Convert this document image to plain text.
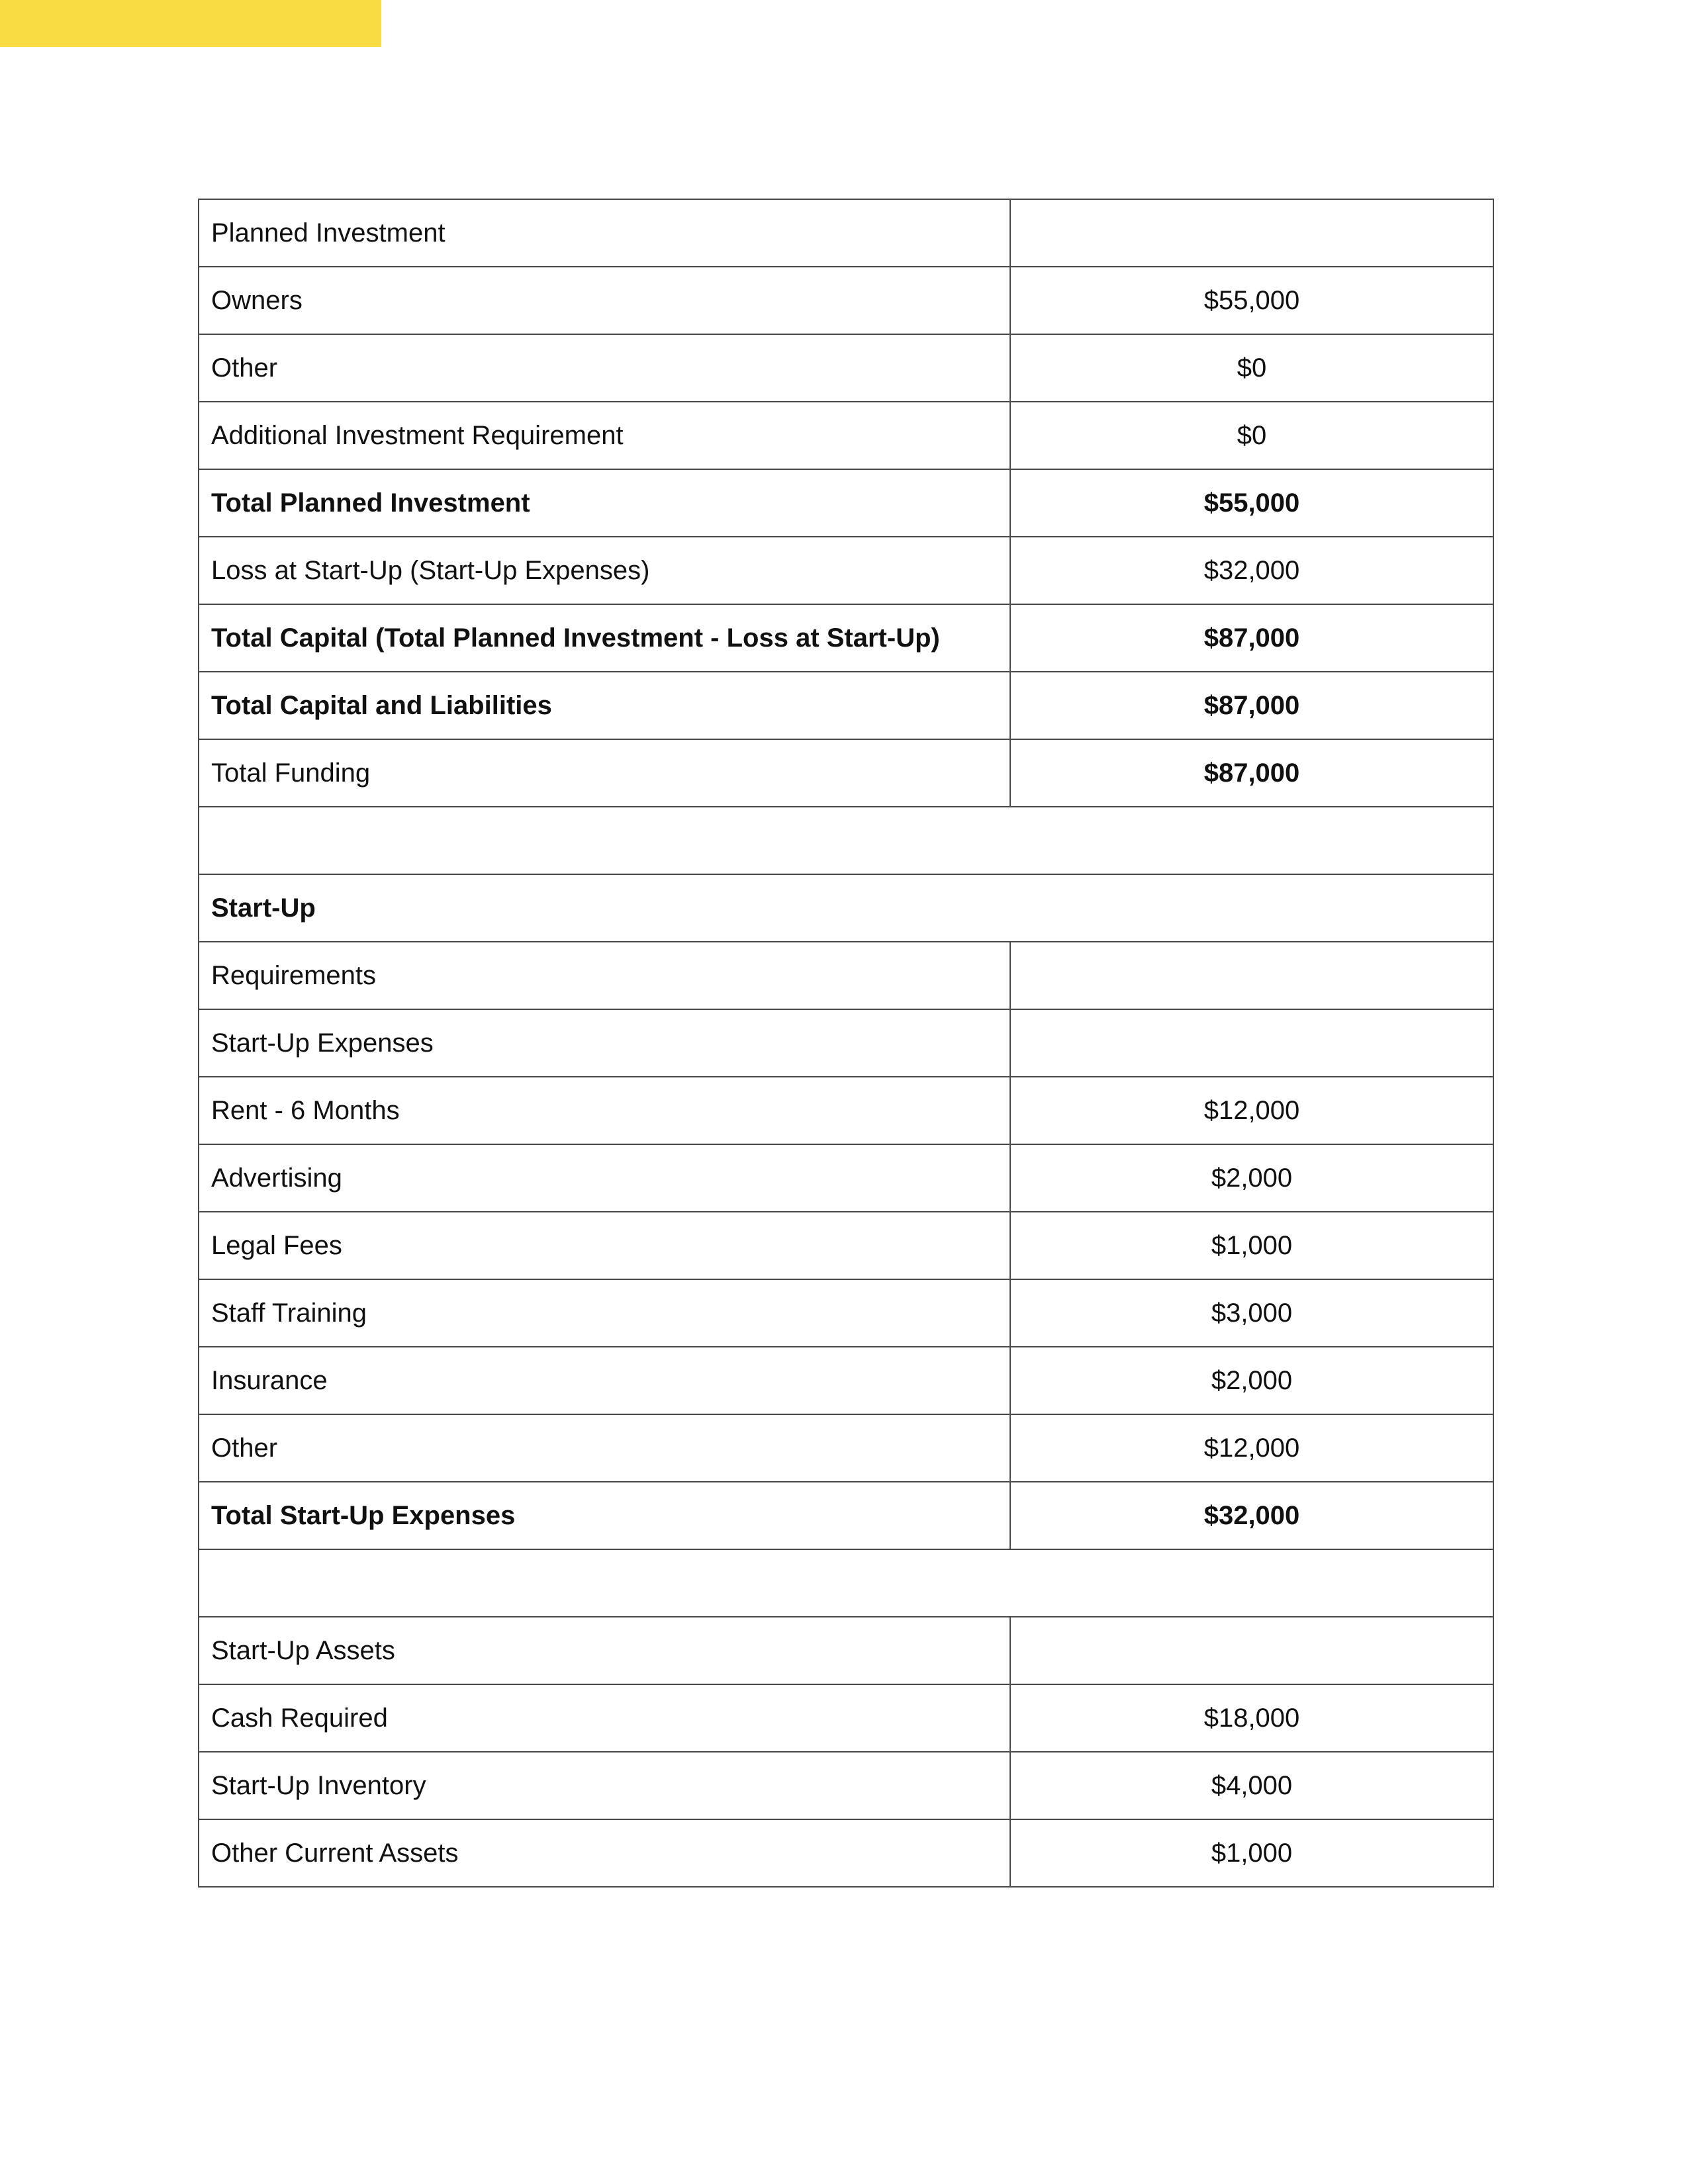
Planned Investment	
Owners	$55,000
Other	$0
Additional Investment Requirement	$0
Total Planned Investment	$55,000
Loss at Start-Up (Start-Up Expenses)	$32,000
Total Capital (Total Planned Investment - Loss at Start-Up)	$87,000
Total Capital and Liabilities	$87,000
Total Funding	$87,000

Start-Up	
Requirements	
Start-Up Expenses	
Rent - 6 Months	$12,000
Advertising	$2,000
Legal Fees	$1,000
Staff Training	$3,000
Insurance	$2,000
Other	$12,000
Total Start-Up Expenses	$32,000

Start-Up Assets	
Cash Required	$18,000
Start-Up Inventory	$4,000
Other Current Assets	$1,000
